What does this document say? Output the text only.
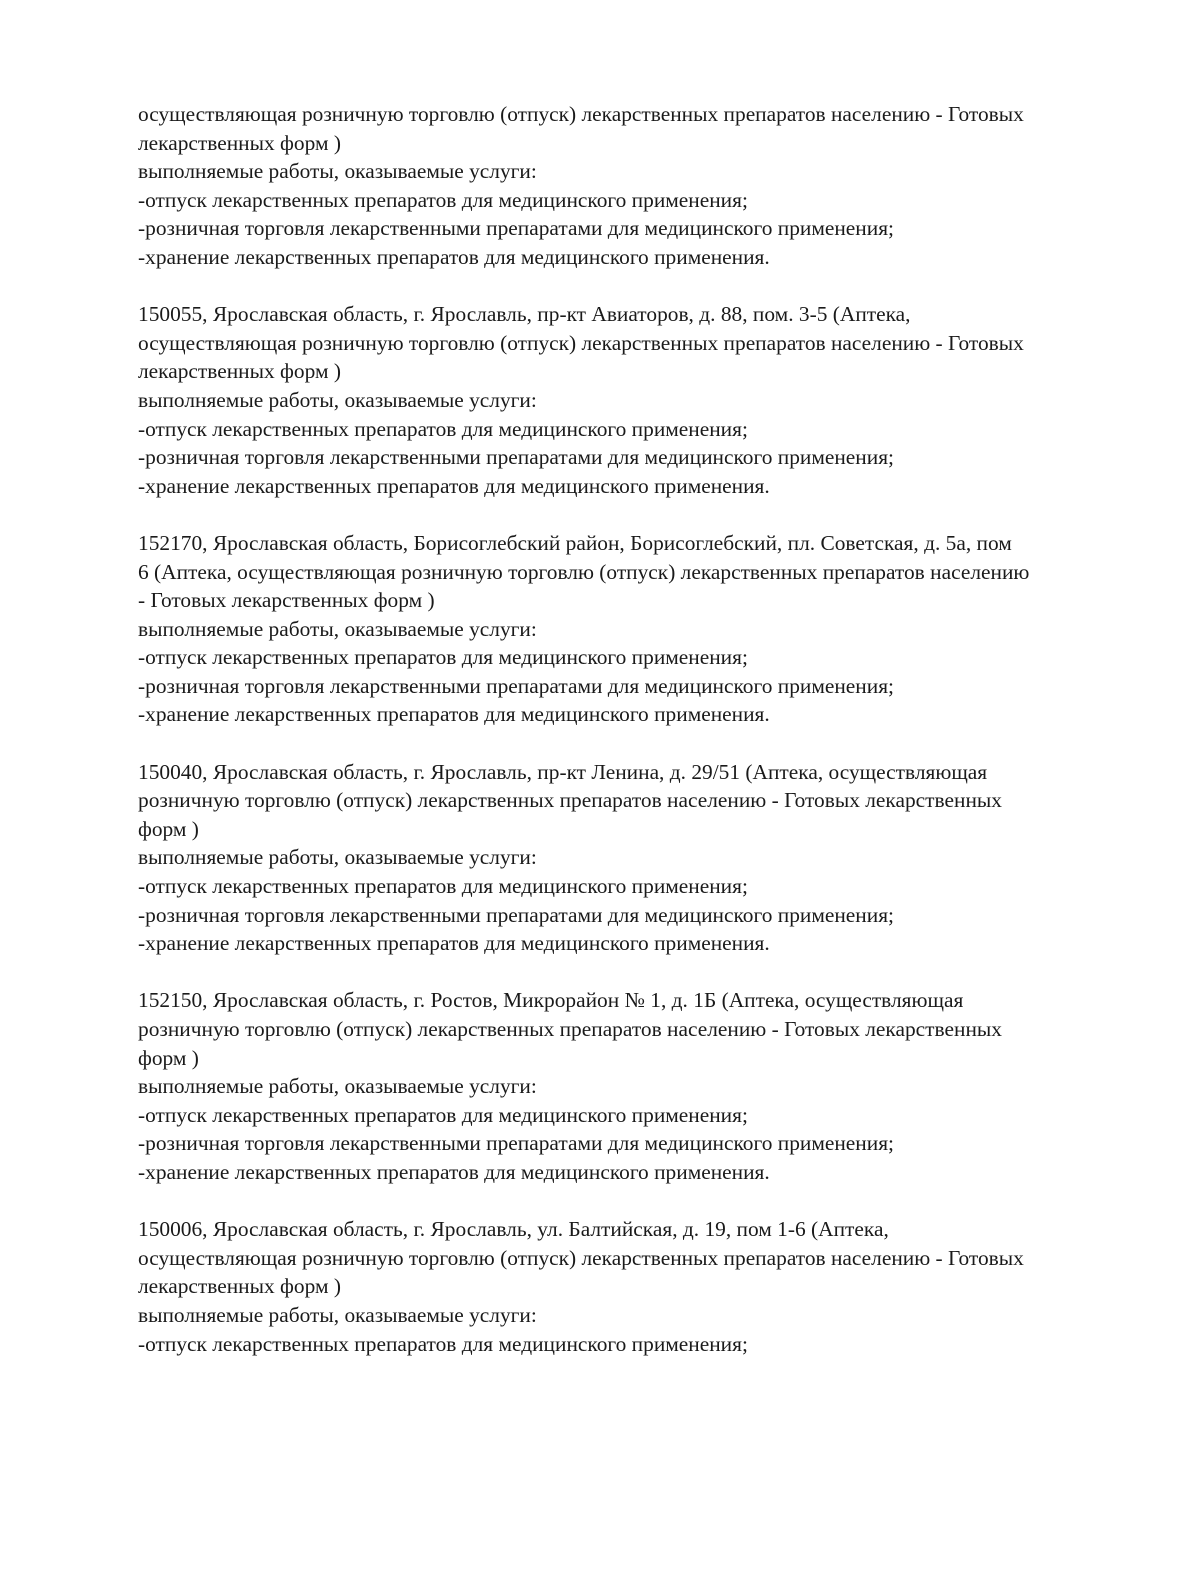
осуществляющая розничную торговлю (отпуск) лекарственных препаратов населению - Готовых
лекарственных форм )

выполняемые работы, оказываемые услуги:

-отпуск лекарственных препаратов для медицинского применения;

-розничная торговля лекарственными препаратами для медицинского применения;

-хранение лекарственных препаратов для медицинского применения.

150055, Ярославская область, г. Ярославль, пр-кт Авиаторов, д. 88, пом. 3-5 (Аптека,
осуществляющая розничную торговлю (отпуск) лекарственных препаратов населению - Готовых
лекарственных форм )

выполняемые работы, оказываемые услуги:

-отпуск лекарственных препаратов для медицинского применения;

-розничная торговля лекарственными препаратами для медицинского применения;

-хранение лекарственных препаратов для медицинского применения.

152170, Ярославская область, Борисоглебский район, Борисоглебский, пл. Советская, д. 5а, пом
6 (Аптека, осуществляющая розничную торговлю (отпуск) лекарственных препаратов населению
- Готовых лекарственных форм )

выполняемые работы, оказываемые услуги:

-отпуск лекарственных препаратов для медицинского применения;

-розничная торговля лекарственными препаратами для медицинского применения;

-хранение лекарственных препаратов для медицинского применения.

150040, Ярославская область, г. Ярославль, пр-кт Ленина, д. 29/51 (Аптека, осуществляющая
розничную торговлю (отпуск) лекарственных препаратов населению - Готовых лекарственных
форм )

выполняемые работы, оказываемые услуги:

-отпуск лекарственных препаратов для медицинского применения;

-розничная торговля лекарственными препаратами для медицинского применения;

-хранение лекарственных препаратов для медицинского применения.

152150, Ярославская область, г. Ростов, Микрорайон № 1, д. 1Б (Аптека, осуществляющая
розничную торговлю (отпуск) лекарственных препаратов населению - Готовых лекарственных
форм )

выполняемые работы, оказываемые услуги:

-отпуск лекарственных препаратов для медицинского применения;

-розничная торговля лекарственными препаратами для медицинского применения;

-хранение лекарственных препаратов для медицинского применения.

150006, Ярославская область, г. Ярославль, ул. Балтийская, д. 19, пом 1-6 (Аптека,
осуществляющая розничную торговлю (отпуск) лекарственных препаратов населению - Готовых
лекарственных форм )

выполняемые работы, оказываемые услуги:

-отпуск лекарственных препаратов для медицинского применения;
